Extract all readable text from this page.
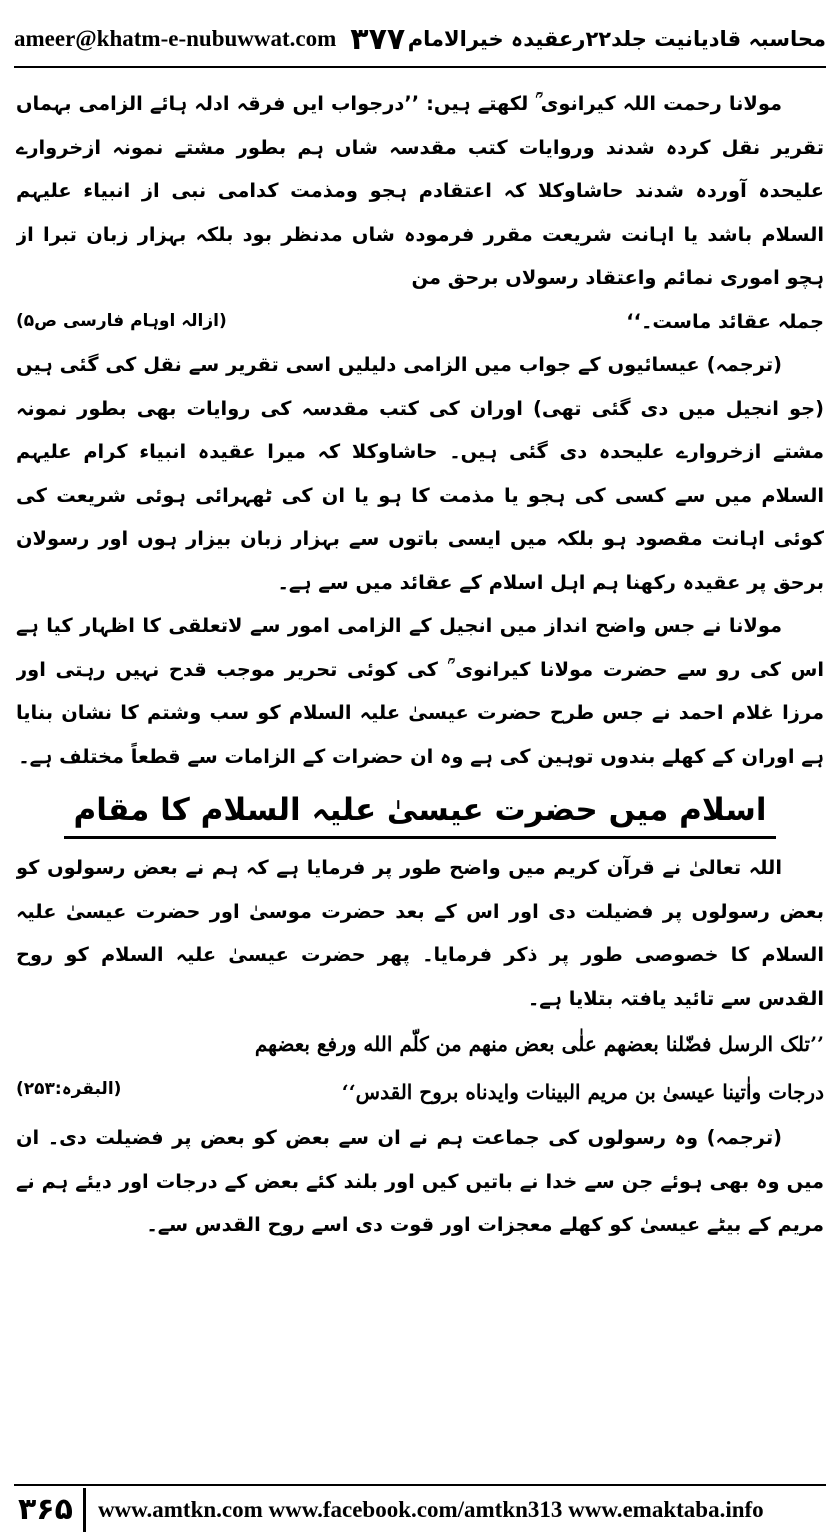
ameer@khatm-e-nubuwwat.com ۳۷۷ محاسبہ قادیانیت جلد۲۲رعقیدہ خیرالامام

مولانا رحمت اللہ کیرانوی ؒ لکھتے ہیں: ’’درجواب ایں فرقہ ادلہ ہائے الزامی بہماں تقریر نقل کردہ شدند وروایات کتب مقدسہ شاں ہم بطور مشتے نمونہ ازخروارے علیحدہ آوردہ شدند حاشاوکلا کہ اعتقادم ہجو ومذمت کدامی نبی از انبیاء علیہم السلام باشد یا اہانت شریعت مقرر فرمودہ شاں مدنظر بود بلکہ بہزار زبان تبرا از ہچو اموری نمائم واعتقاد رسولاں برحق من

جملہ عقائد ماست۔‘‘
(ازالہ اوہام فارسی ص۵)

(ترجمہ) عیسائیوں کے جواب میں الزامی دلیلیں اسی تقریر سے نقل کی گئی ہیں (جو انجیل میں دی گئی تھی) اوران کی کتب مقدسہ کی روایات بھی بطور نمونہ مشتے ازخروارے علیحدہ دی گئی ہیں۔ حاشاوکلا کہ میرا عقیدہ انبیاء کرام علیہم السلام میں سے کسی کی ہجو یا مذمت کا ہو یا ان کی ٹھہرائی ہوئی شریعت کی کوئی اہانت مقصود ہو بلکہ میں ایسی باتوں سے بہزار زبان بیزار ہوں اور رسولان برحق پر عقیدہ رکھنا ہم اہل اسلام کے عقائد میں سے ہے۔

مولانا نے جس واضح انداز میں انجیل کے الزامی امور سے لاتعلقی کا اظہار کیا ہے اس کی رو سے حضرت مولانا کیرانوی ؒ کی کوئی تحریر موجب قدح نہیں رہتی اور مرزا غلام احمد نے جس طرح حضرت عیسیٰ علیہ السلام کو سب وشتم کا نشان بنایا ہے اوران کے کھلے بندوں توہین کی ہے وہ ان حضرات کے الزامات سے قطعاً مختلف ہے۔

اسلام میں حضرت عیسیٰ علیہ السلام کا مقام

اللہ تعالیٰ نے قرآن کریم میں واضح طور پر فرمایا ہے کہ ہم نے بعض رسولوں کو بعض رسولوں پر فضیلت دی اور اس کے بعد حضرت موسیٰ اور حضرت عیسیٰ علیہ السلام کا خصوصی طور پر ذکر فرمایا۔ پھر حضرت عیسیٰ علیہ السلام کو روح القدس سے تائید یافتہ بتلایا ہے۔

’’تلک الرسل فضّلنا بعضهم علٰی بعض منهم من کلّم الله ورفع بعضهم

درجات واٰتینا عیسیٰ بن مریم البینات وایدناه بروح القدس‘‘
(البقرہ:۲۵۳)

(ترجمہ) وہ رسولوں کی جماعت ہم نے ان سے بعض کو بعض پر فضیلت دی۔ ان میں وہ بھی ہوئے جن سے خدا نے باتیں کیں اور بلند کئے بعض کے درجات اور دیئے ہم نے مریم کے بیٹے عیسیٰ کو کھلے معجزات اور قوت دی اسے روح القدس سے۔

۳۶۵	www.amtkn.com www.facebook.com/amtkn313 www.emaktaba.info
